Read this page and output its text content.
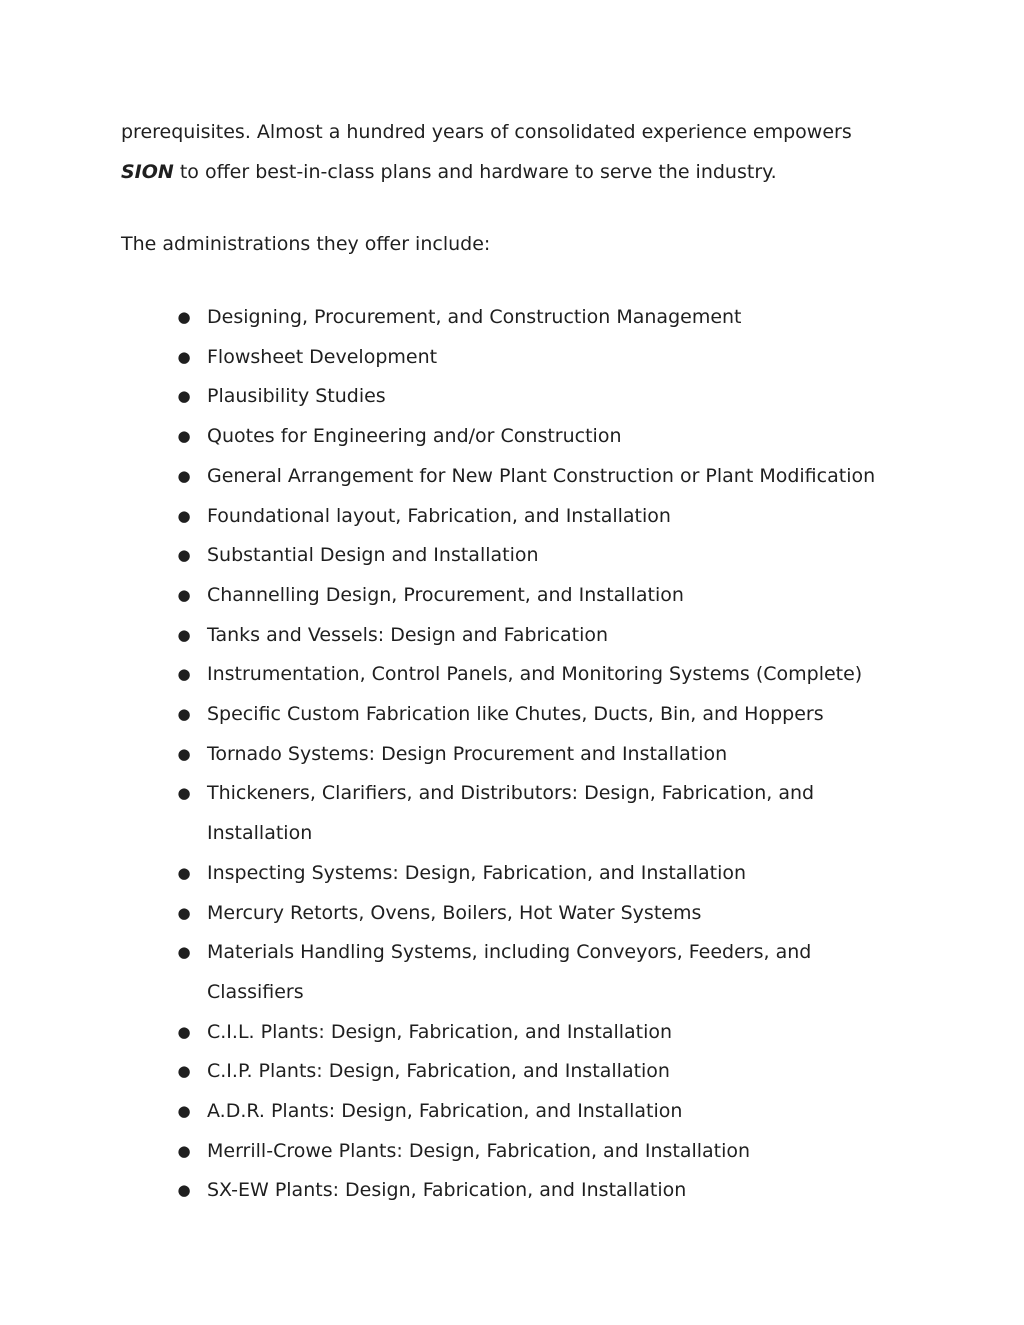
prerequisites. Almost a hundred years of consolidated experience empowers
SION to offer best-in-class plans and hardware to serve the industry.

The administrations they offer include:

● Designing, Procurement, and Construction Management
● Flowsheet Development
● Plausibility Studies
● Quotes for Engineering and/or Construction
● General Arrangement for New Plant Construction or Plant Modification
● Foundational layout, Fabrication, and Installation
● Substantial Design and Installation
● Channelling Design, Procurement, and Installation
● Tanks and Vessels: Design and Fabrication
● Instrumentation, Control Panels, and Monitoring Systems (Complete)
● Specific Custom Fabrication like Chutes, Ducts, Bin, and Hoppers
● Tornado Systems: Design Procurement and Installation
● Thickeners, Clarifiers, and Distributors: Design, Fabrication, and Installation
● Inspecting Systems: Design, Fabrication, and Installation
● Mercury Retorts, Ovens, Boilers, Hot Water Systems
● Materials Handling Systems, including Conveyors, Feeders, and Classifiers
● C.I.L. Plants: Design, Fabrication, and Installation
● C.I.P. Plants: Design, Fabrication, and Installation
● A.D.R. Plants: Design, Fabrication, and Installation
● Merrill-Crowe Plants: Design, Fabrication, and Installation
● SX-EW Plants: Design, Fabrication, and Installation
